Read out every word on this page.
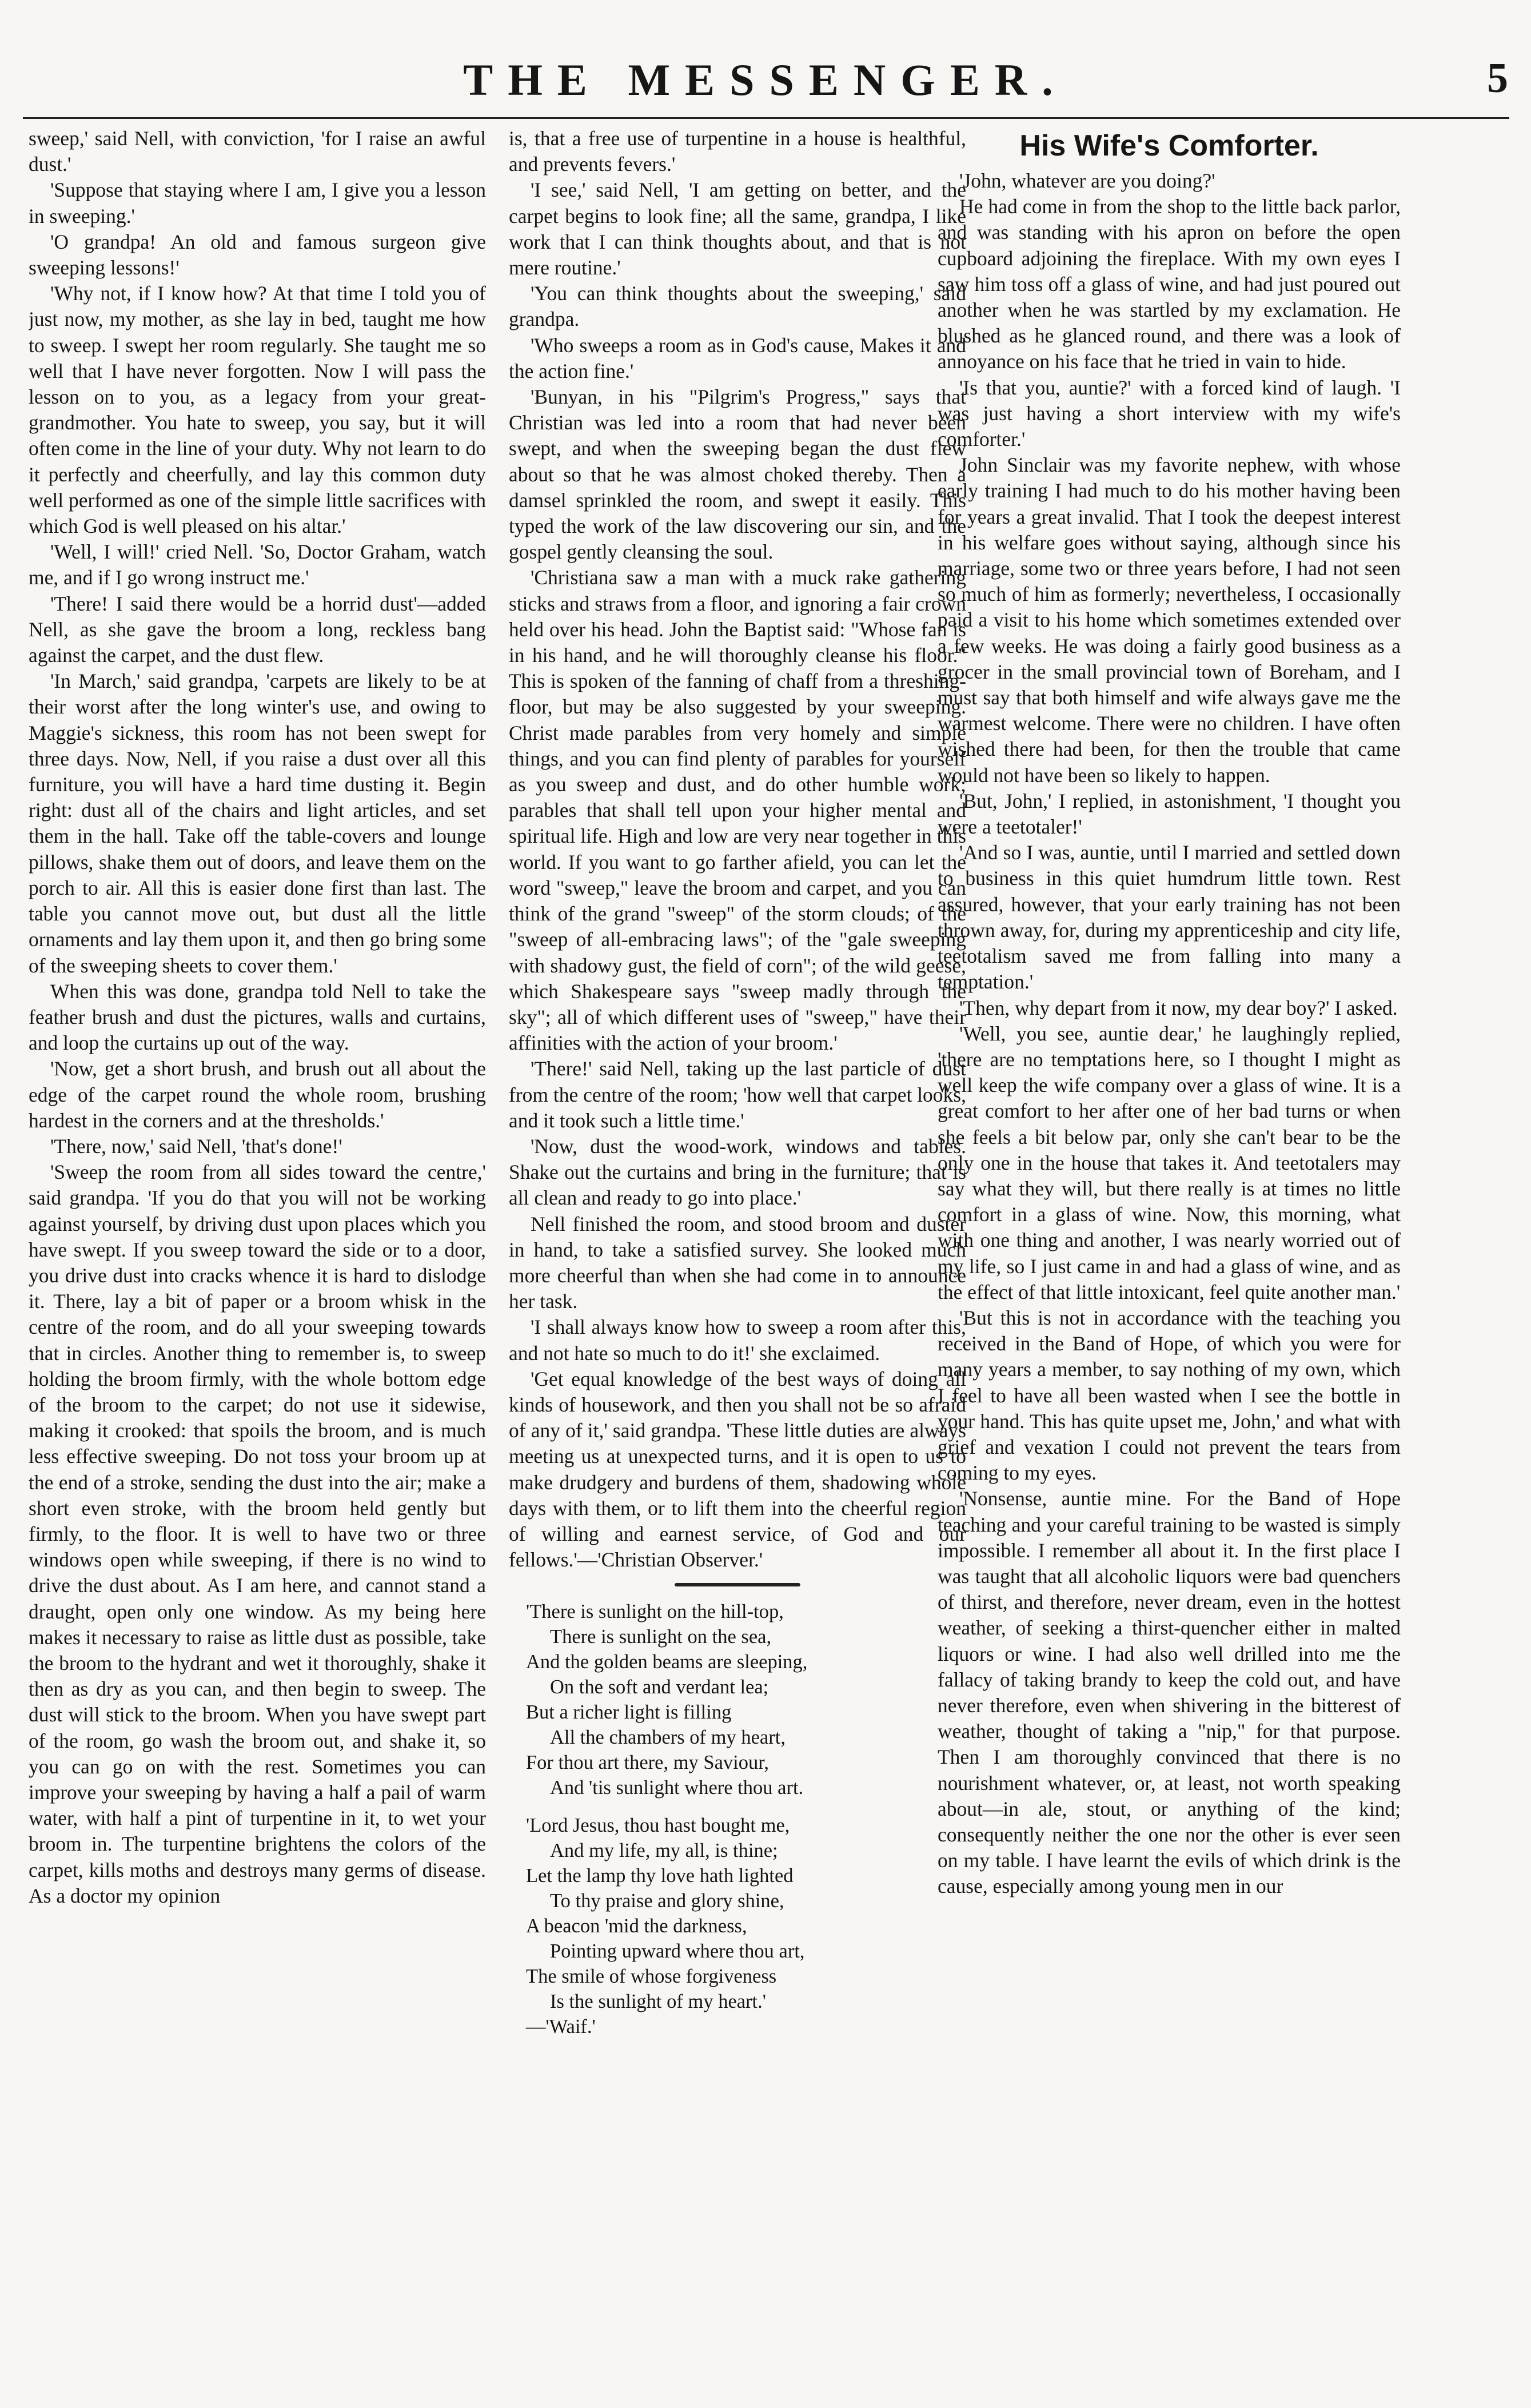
THE MESSENGER.	5

sweep,' said Nell, with conviction, 'for I raise an awful dust.'

'Suppose that staying where I am, I give you a lesson in sweeping.'

'O grandpa! An old and famous surgeon give sweeping lessons!'

'Why not, if I know how? At that time I told you of just now, my mother, as she lay in bed, taught me how to sweep. I swept her room regularly. She taught me so well that I have never forgotten. Now I will pass the lesson on to you, as a legacy from your great-grandmother. You hate to sweep, you say, but it will often come in the line of your duty. Why not learn to do it perfectly and cheerfully, and lay this common duty well performed as one of the simple little sacrifices with which God is well pleased on his altar.'

'Well, I will!' cried Nell. 'So, Doctor Graham, watch me, and if I go wrong instruct me.'

'There! I said there would be a horrid dust'—added Nell, as she gave the broom a long, reckless bang against the carpet, and the dust flew.

'In March,' said grandpa, 'carpets are likely to be at their worst after the long winter's use, and owing to Maggie's sickness, this room has not been swept for three days. Now, Nell, if you raise a dust over all this furniture, you will have a hard time dusting it. Begin right: dust all of the chairs and light articles, and set them in the hall. Take off the table-covers and lounge pillows, shake them out of doors, and leave them on the porch to air. All this is easier done first than last. The table you cannot move out, but dust all the little ornaments and lay them upon it, and then go bring some of the sweeping sheets to cover them.'

When this was done, grandpa told Nell to take the feather brush and dust the pictures, walls and curtains, and loop the curtains up out of the way.

'Now, get a short brush, and brush out all about the edge of the carpet round the whole room, brushing hardest in the corners and at the thresholds.'

'There, now,' said Nell, 'that's done!'

'Sweep the room from all sides toward the centre,' said grandpa. 'If you do that you will not be working against yourself, by driving dust upon places which you have swept. If you sweep toward the side or to a door, you drive dust into cracks whence it is hard to dislodge it. There, lay a bit of paper or a broom whisk in the centre of the room, and do all your sweeping towards that in circles. Another thing to remember is, to sweep holding the broom firmly, with the whole bottom edge of the broom to the carpet; do not use it sidewise, making it crooked: that spoils the broom, and is much less effective sweeping. Do not toss your broom up at the end of a stroke, sending the dust into the air; make a short even stroke, with the broom held gently but firmly, to the floor. It is well to have two or three windows open while sweeping, if there is no wind to drive the dust about. As I am here, and cannot stand a draught, open only one window. As my being here makes it necessary to raise as little dust as possible, take the broom to the hydrant and wet it thoroughly, shake it then as dry as you can, and then begin to sweep. The dust will stick to the broom. When you have swept part of the room, go wash the broom out, and shake it, so you can go on with the rest. Sometimes you can improve your sweeping by having a half a pail of warm water, with half a pint of turpentine in it, to wet your broom in. The turpentine brightens the colors of the carpet, kills moths and destroys many germs of disease. As a doctor my opinion

is, that a free use of turpentine in a house is healthful, and prevents fevers.'

'I see,' said Nell, 'I am getting on better, and the carpet begins to look fine; all the same, grandpa, I like work that I can think thoughts about, and that is not mere routine.'

'You can think thoughts about the sweeping,' said grandpa.

'Who sweeps a room as in God's cause, Makes it and the action fine.'

'Bunyan, in his "Pilgrim's Progress," says that Christian was led into a room that had never been swept, and when the sweeping began the dust flew about so that he was almost choked thereby. Then a damsel sprinkled the room, and swept it easily. This typed the work of the law discovering our sin, and the gospel gently cleansing the soul.

'Christiana saw a man with a muck rake gathering sticks and straws from a floor, and ignoring a fair crown held over his head. John the Baptist said: "Whose fan is in his hand, and he will thoroughly cleanse his floor." This is spoken of the fanning of chaff from a threshing-floor, but may be also suggested by your sweeping. Christ made parables from very homely and simple things, and you can find plenty of parables for yourself as you sweep and dust, and do other humble work; parables that shall tell upon your higher mental and spiritual life. High and low are very near together in this world. If you want to go farther afield, you can let the word "sweep," leave the broom and carpet, and you can think of the grand "sweep" of the storm clouds; of the "sweep of all-embracing laws"; of the "gale sweeping with shadowy gust, the field of corn"; of the wild geese, which Shakespeare says "sweep madly through the sky"; all of which different uses of "sweep," have their affinities with the action of your broom.'

'There!' said Nell, taking up the last particle of dust from the centre of the room; 'how well that carpet looks, and it took such a little time.'

'Now, dust the wood-work, windows and tables. Shake out the curtains and bring in the furniture; that is all clean and ready to go into place.'

Nell finished the room, and stood broom and duster in hand, to take a satisfied survey. She looked much more cheerful than when she had come in to announce her task.

'I shall always know how to sweep a room after this, and not hate so much to do it!' she exclaimed.

'Get equal knowledge of the best ways of doing all kinds of housework, and then you shall not be so afraid of any of it,' said grandpa. 'These little duties are always meeting us at unexpected turns, and it is open to us to make drudgery and burdens of them, shadowing whole days with them, or to lift them into the cheerful region of willing and earnest service, of God and our fellows.'—'Christian Observer.'

'There is sunlight on the hill-top,
There is sunlight on the sea,
And the golden beams are sleeping,
On the soft and verdant lea;
But a richer light is filling
All the chambers of my heart,
For thou art there, my Saviour,
And 'tis sunlight where thou art.
'Lord Jesus, thou hast bought me,
And my life, my all, is thine;
Let the lamp thy love hath lighted
To thy praise and glory shine,
A beacon 'mid the darkness,
Pointing upward where thou art,
The smile of whose forgiveness
Is the sunlight of my heart.'
—'Waif.'
His Wife's Comforter.

'John, whatever are you doing?'

He had come in from the shop to the little back parlor, and was standing with his apron on before the open cupboard adjoining the fireplace. With my own eyes I saw him toss off a glass of wine, and had just poured out another when he was startled by my exclamation. He blushed as he glanced round, and there was a look of annoyance on his face that he tried in vain to hide.

'Is that you, auntie?' with a forced kind of laugh. 'I was just having a short interview with my wife's comforter.'

John Sinclair was my favorite nephew, with whose early training I had much to do his mother having been for years a great invalid. That I took the deepest interest in his welfare goes without saying, although since his marriage, some two or three years before, I had not seen so much of him as formerly; nevertheless, I occasionally paid a visit to his home which sometimes extended over a few weeks. He was doing a fairly good business as a grocer in the small provincial town of Boreham, and I must say that both himself and wife always gave me the warmest welcome. There were no children. I have often wished there had been, for then the trouble that came would not have been so likely to happen.

'But, John,' I replied, in astonishment, 'I thought you were a teetotaler!'

'And so I was, auntie, until I married and settled down to business in this quiet humdrum little town. Rest assured, however, that your early training has not been thrown away, for, during my apprenticeship and city life, teetotalism saved me from falling into many a temptation.'

'Then, why depart from it now, my dear boy?' I asked.

'Well, you see, auntie dear,' he laughingly replied, 'there are no temptations here, so I thought I might as well keep the wife company over a glass of wine. It is a great comfort to her after one of her bad turns or when she feels a bit below par, only she can't bear to be the only one in the house that takes it. And teetotalers may say what they will, but there really is at times no little comfort in a glass of wine. Now, this morning, what with one thing and another, I was nearly worried out of my life, so I just came in and had a glass of wine, and as the effect of that little intoxicant, feel quite another man.'

'But this is not in accordance with the teaching you received in the Band of Hope, of which you were for many years a member, to say nothing of my own, which I feel to have all been wasted when I see the bottle in your hand. This has quite upset me, John,' and what with grief and vexation I could not prevent the tears from coming to my eyes.

'Nonsense, auntie mine. For the Band of Hope teaching and your careful training to be wasted is simply impossible. I remember all about it. In the first place I was taught that all alcoholic liquors were bad quenchers of thirst, and therefore, never dream, even in the hottest weather, of seeking a thirst-quencher either in malted liquors or wine. I had also well drilled into me the fallacy of taking brandy to keep the cold out, and have never therefore, even when shivering in the bitterest of weather, thought of taking a "nip," for that purpose. Then I am thoroughly convinced that there is no nourishment whatever, or, at least, not worth speaking about—in ale, stout, or anything of the kind; consequently neither the one nor the other is ever seen on my table. I have learnt the evils of which drink is the cause, especially among young men in our
